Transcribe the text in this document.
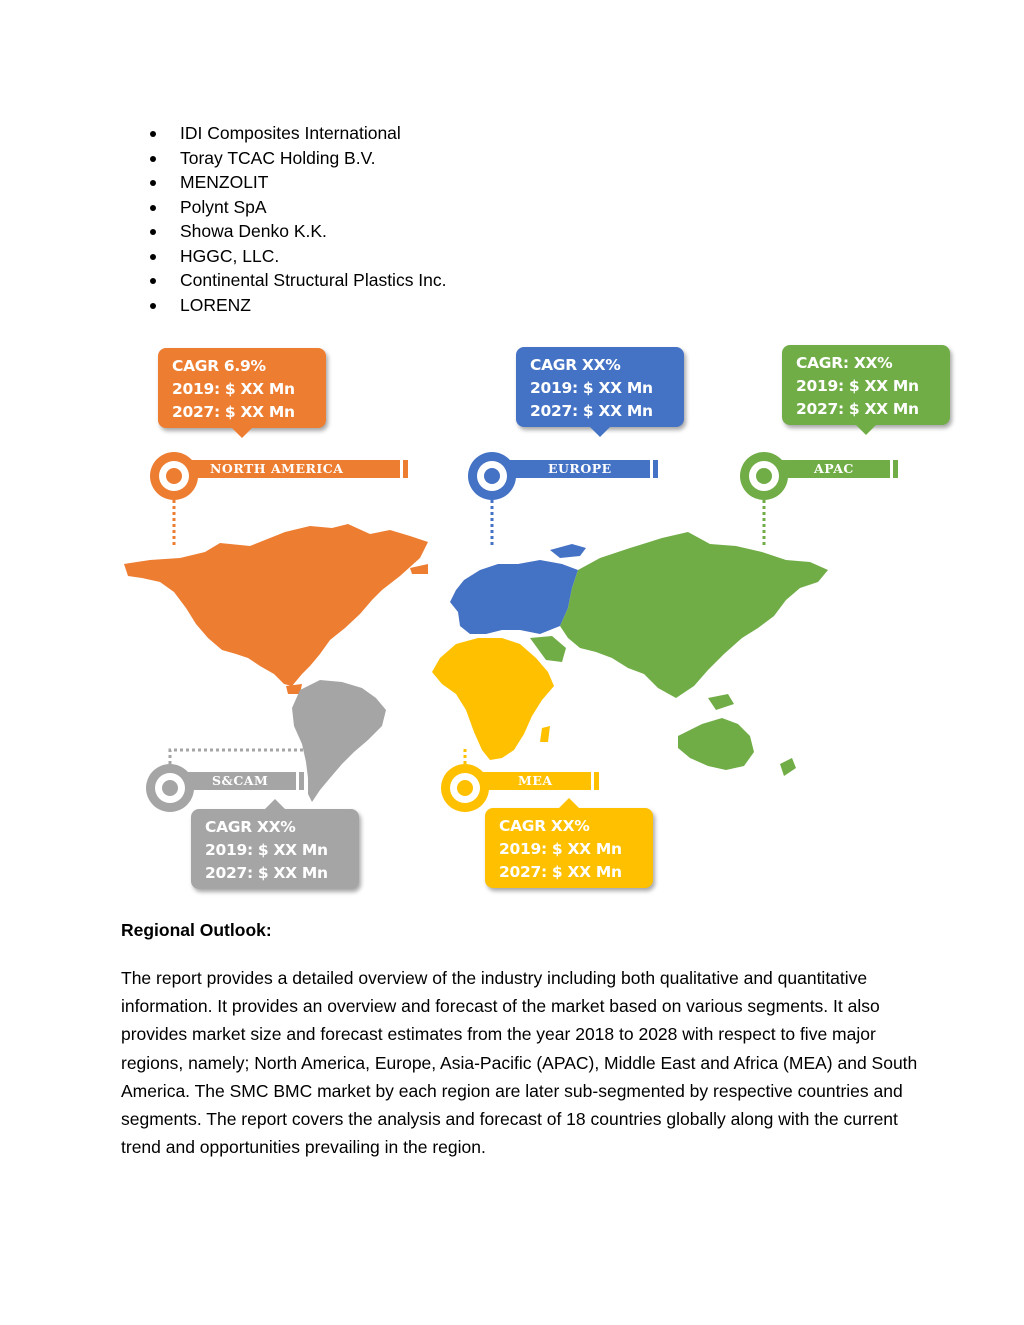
IDI Composites International
Toray TCAC Holding B.V.
MENZOLIT
Polynt SpA
Showa Denko K.K.
HGGC, LLC.
Continental Structural Plastics Inc.
LORENZ
NORTH AMERICA	EUROPE	APAC
S&CAM	MEA
CAGR 6.9%
2019: $ XX Mn
2027: $ XX Mn
CAGR XX%
2019: $ XX Mn
2027: $ XX Mn
CAGR: XX%
2019: $ XX Mn
2027: $ XX Mn
CAGR XX%
2019: $ XX Mn
2027: $ XX Mn
CAGR XX%
2019: $ XX Mn
2027: $ XX Mn
Regional Outlook:

The report provides a detailed overview of the industry including both qualitative and quantitative information. It provides an overview and forecast of the market based on various segments. It also provides market size and forecast estimates from the year 2018 to 2028 with respect to five major regions, namely; North America, Europe, Asia-Pacific (APAC), Middle East and Africa (MEA) and South America. The SMC BMC market by each region are later sub-segmented by respective countries and segments. The report covers the analysis and forecast of 18 countries globally along with the current trend and opportunities prevailing in the region.
